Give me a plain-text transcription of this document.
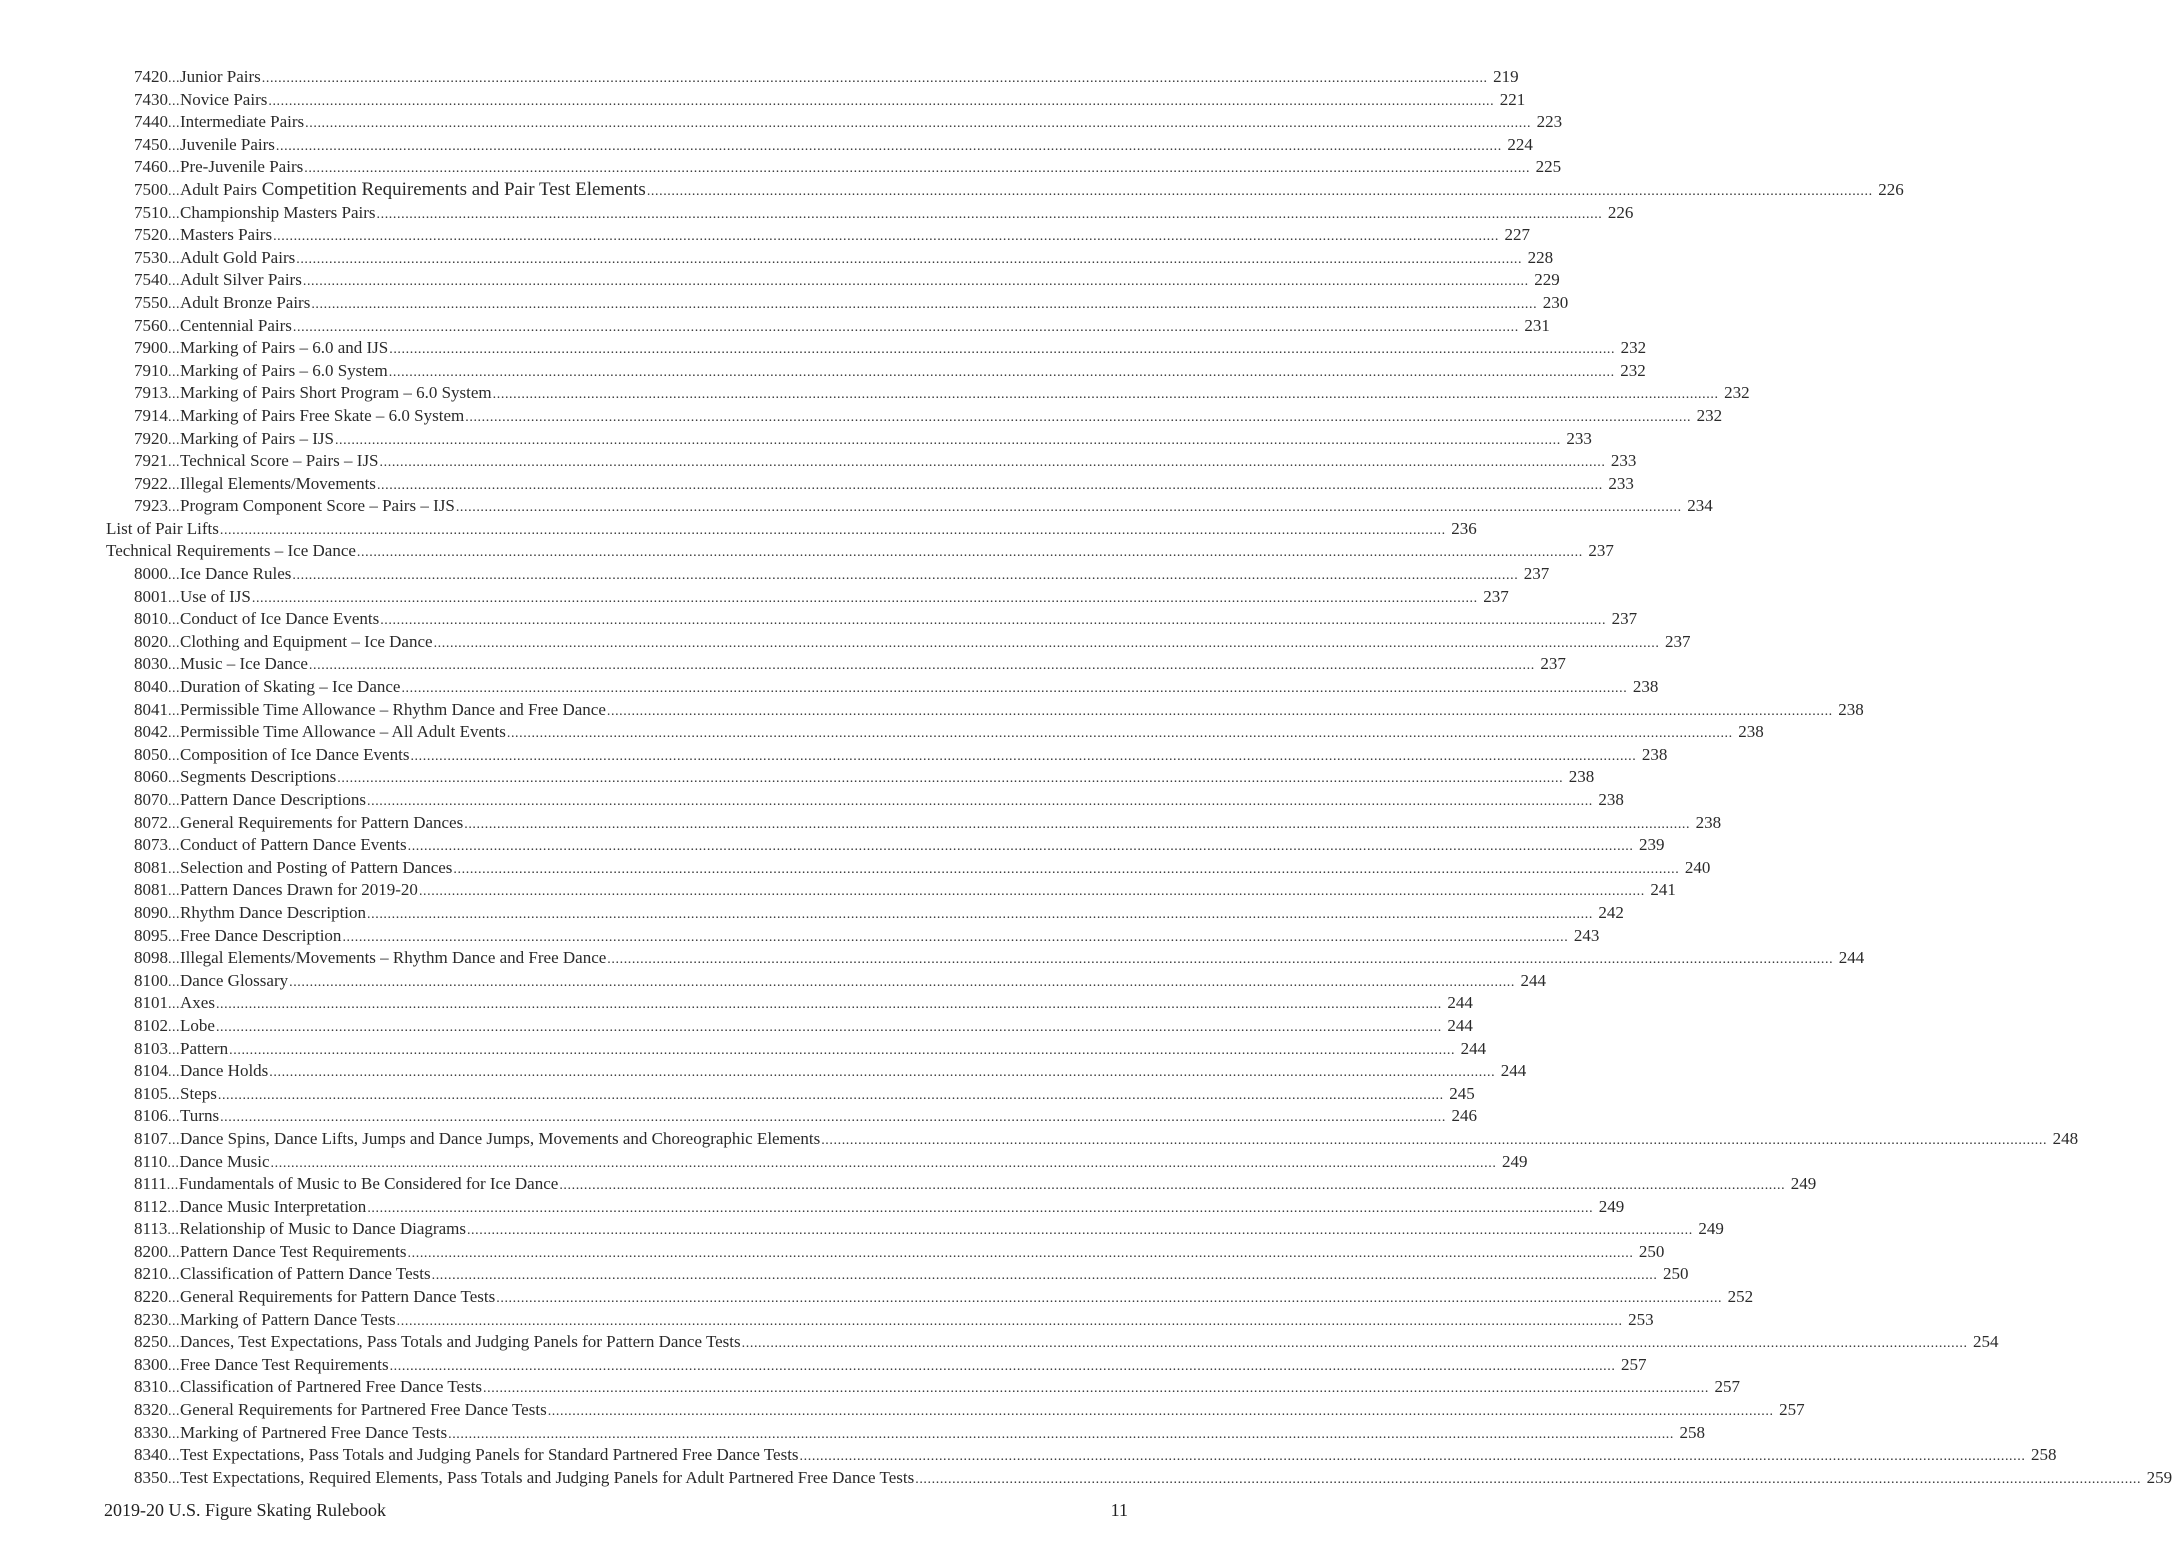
7420 ... Junior Pairs .....	219
7430 ... Novice Pairs .....	221
7440 ... Intermediate Pairs .....	223
7450 ... Juvenile Pairs .....	224
7460 ... Pre-Juvenile Pairs .....	225
7500 ... Adult Pairs Competition Requirements and Pair Test Elements .....	226
7510 ... Championship Masters Pairs .....	226
7520 ... Masters Pairs .....	227
7530 ... Adult Gold Pairs .....	228
7540 ... Adult Silver Pairs .....	229
7550 ... Adult Bronze Pairs .....	230
7560 ... Centennial Pairs .....	231
7900 ... Marking of Pairs – 6.0 and IJS .....	232
7910 ... Marking of Pairs – 6.0 System .....	232
7913 ... Marking of Pairs Short Program – 6.0 System .....	232
7914 ... Marking of Pairs Free Skate – 6.0 System .....	232
7920 ... Marking of Pairs – IJS .....	233
7921 ... Technical Score – Pairs – IJS .....	233
7922 ... Illegal Elements/Movements .....	233
7923 ... Program Component Score – Pairs – IJS .....	234
List of Pair Lifts .....	236
Technical Requirements – Ice Dance .....	237
8000 ... Ice Dance Rules .....	237
8001 ... Use of IJS .....	237
8010 ... Conduct of Ice Dance Events .....	237
8020 ... Clothing and Equipment – Ice Dance .....	237
8030 ... Music – Ice Dance .....	237
8040 ... Duration of Skating – Ice Dance .....	238
8041 ... Permissible Time Allowance – Rhythm Dance and Free Dance .....	238
8042 ... Permissible Time Allowance – All Adult Events .....	238
8050 ... Composition of Ice Dance Events .....	238
8060 ... Segments Descriptions .....	238
8070 ... Pattern Dance Descriptions .....	238
8072 ... General Requirements for Pattern Dances .....	238
8073 ... Conduct of Pattern Dance Events .....	239
8081 ... Selection and Posting of Pattern Dances .....	240
8081 ... Pattern Dances Drawn for 2019-20 .....	241
8090 ... Rhythm Dance Description .....	242
8095 ... Free Dance Description .....	243
8098 ... Illegal Elements/Movements – Rhythm Dance and Free Dance .....	244
8100 ... Dance Glossary .....	244
8101 ... Axes .....	244
8102 ... Lobe .....	244
8103 ... Pattern .....	244
8104 ... Dance Holds .....	244
8105 ... Steps .....	245
8106 ... Turns .....	246
8107 ... Dance Spins, Dance Lifts, Jumps and Dance Jumps, Movements and Choreographic Elements .....	248
8110 ... Dance Music .....	249
8111 ... Fundamentals of Music to Be Considered for Ice Dance .....	249
8112 ... Dance Music Interpretation .....	249
8113 ... Relationship of Music to Dance Diagrams .....	249
8200 ... Pattern Dance Test Requirements .....	250
8210 ... Classification of Pattern Dance Tests .....	250
8220 ... General Requirements for Pattern Dance Tests .....	252
8230 ... Marking of Pattern Dance Tests .....	253
8250 ... Dances, Test Expectations, Pass Totals and Judging Panels for Pattern Dance Tests .....	254
8300 ... Free Dance Test Requirements .....	257
8310 ... Classification of Partnered Free Dance Tests .....	257
8320 ... General Requirements for Partnered Free Dance Tests .....	257
8330 ... Marking of Partnered Free Dance Tests .....	258
8340 ... Test Expectations, Pass Totals and Judging Panels for Standard Partnered Free Dance Tests .....	258
8350 ... Test Expectations, Required Elements, Pass Totals and Judging Panels for Adult Partnered Free Dance Tests .....	259
2019-20 U.S. Figure Skating Rulebook	11
